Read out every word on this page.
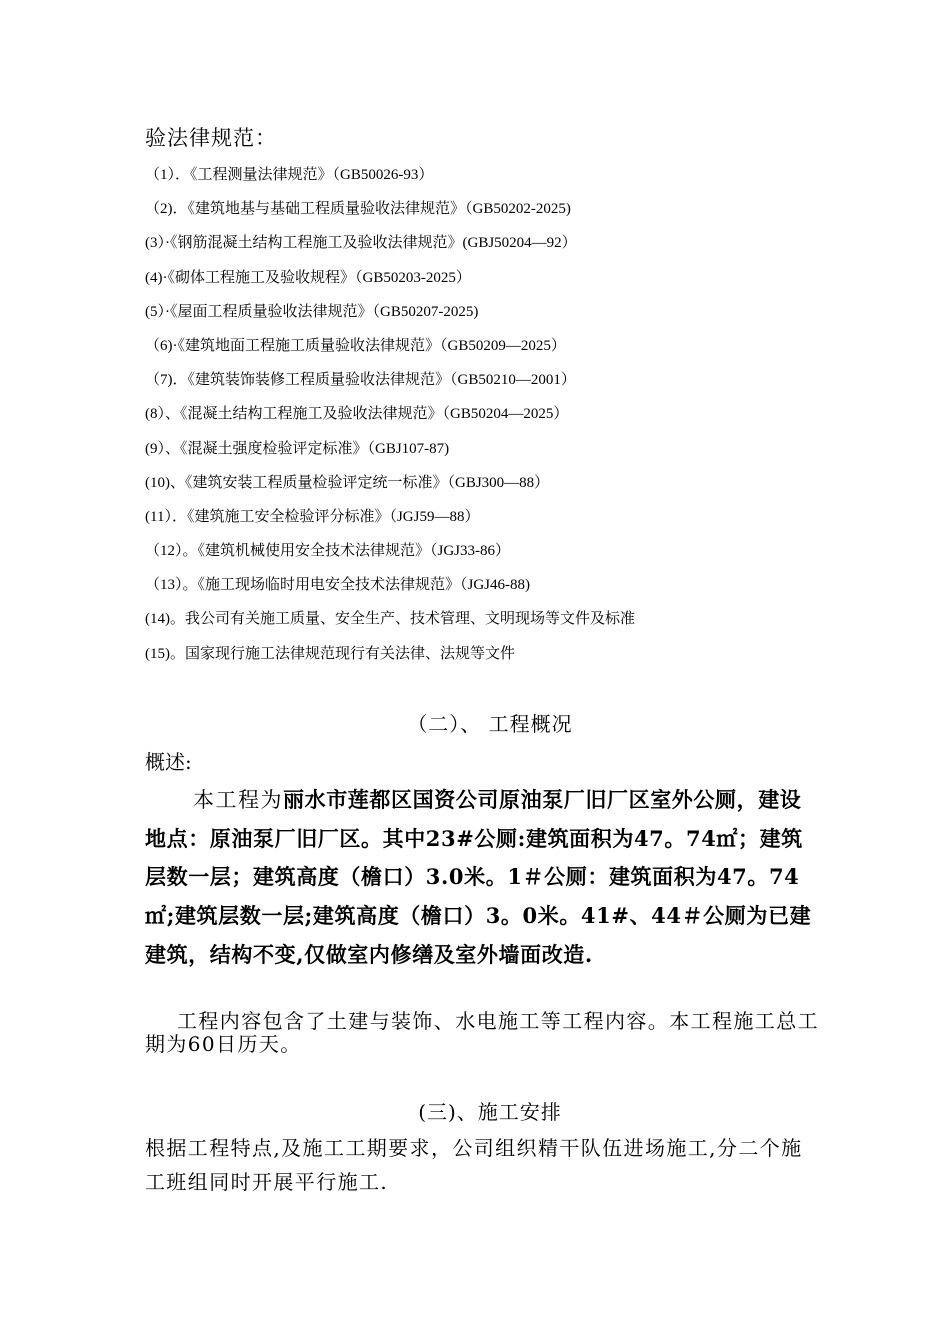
验法律规范：
（1）．《工程测量法律规范》（GB50026-93）
（2)．《建筑地基与基础工程质量验收法律规范》（GB50202-2025)
(3）·《钢筋混凝土结构工程施工及验收法律规范》(GBJ50204—92）
(4)·《砌体工程施工及验收规程》（GB50203-2025）
(5）·《屋面工程质量验收法律规范》（GB50207-2025)
（6)·《建筑地面工程施工质量验收法律规范》（GB50209—2025）
（7)．《建筑装饰装修工程质量验收法律规范》（GB50210—2001）
(8）、《混凝土结构工程施工及验收法律规范》（GB50204—2025）
(9）、《混凝土强度检验评定标准》（GBJ107-87)
(10)、《建筑安装工程质量检验评定统一标准》（GBJ300—88）
(11）．《建筑施工安全检验评分标准》（JGJ59—88）
（12）。《建筑机械使用安全技术法律规范》（JGJ33-86）
（13）。《施工现场临时用电安全技术法律规范》（JGJ46-88)
(14)。我公司有关施工质量、安全生产、技术管理、文明现场等文件及标准
(15)。国家现行施工法律规范现行有关法律、法规等文件
（二）、 工程概况
概述:
本工程为丽水市莲都区国资公司原油泵厂旧厂区室外公厕，建设地点：原油泵厂旧厂区。其中23#公厕:建筑面积为47。74㎡；建筑层数一层；建筑高度（檐口）3.0米。1＃公厕：建筑面积为47。74㎡;建筑层数一层;建筑高度（檐口）3。0米。41#、44＃公厕为已建建筑，结构不变,仅做室内修缮及室外墙面改造.
工程内容包含了土建与装饰、水电施工等工程内容。本工程施工总工期为60日历天。
(三)、施工安排
根据工程特点,及施工工期要求，公司组织精干队伍进场施工,分二个施工班组同时开展平行施工.
